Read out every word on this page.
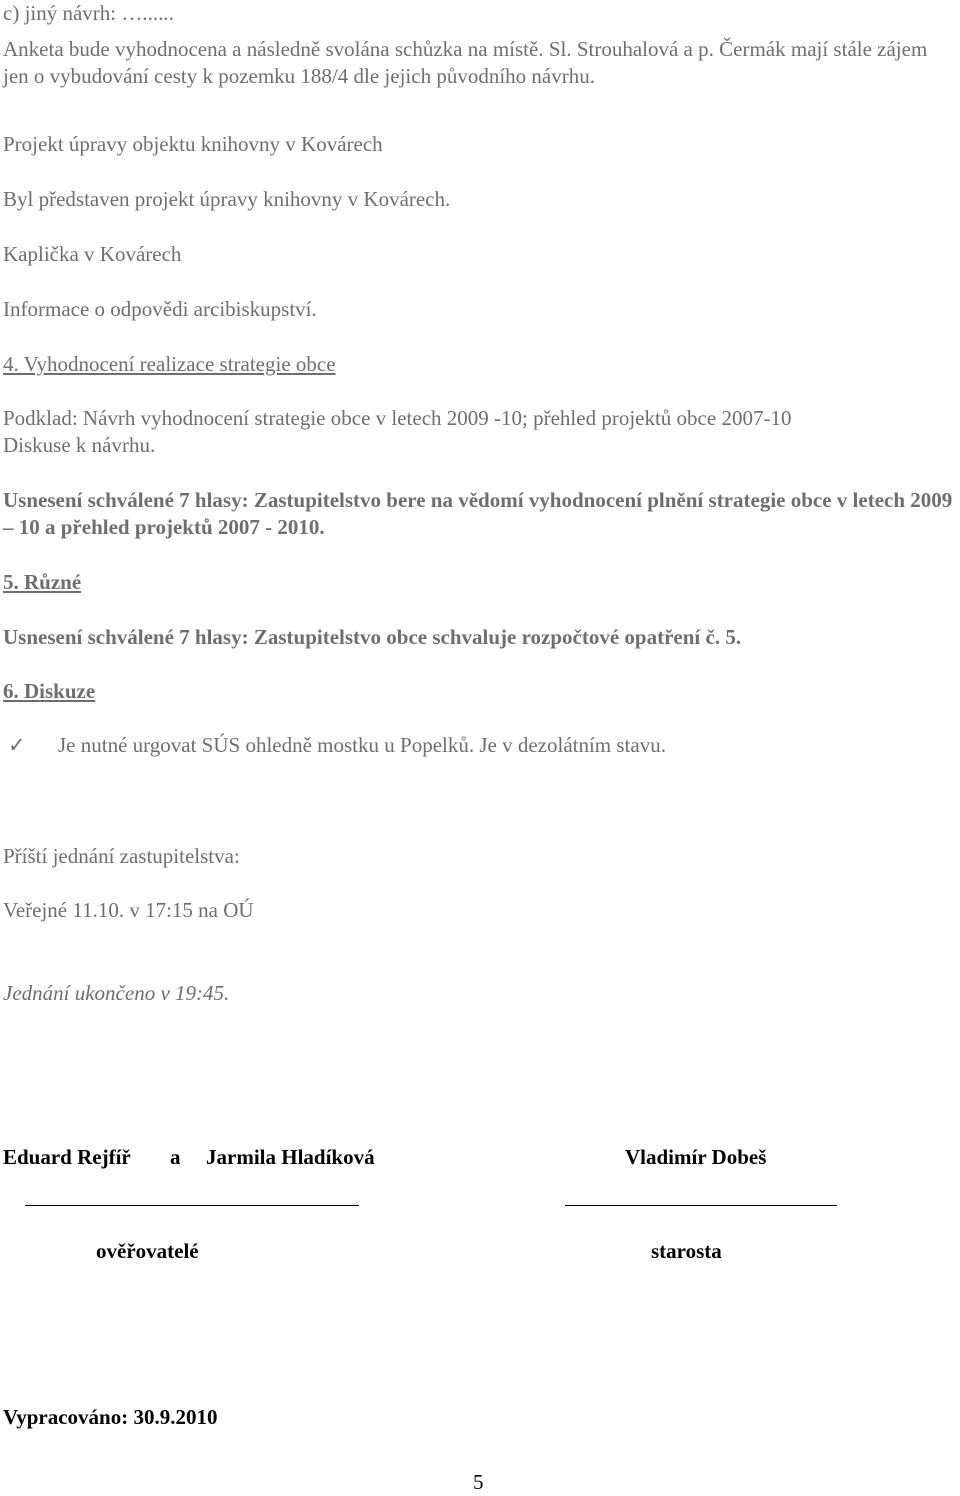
c) jiný návrh: …......

Anketa bude vyhodnocena a následně svolána schůzka na místě. Sl. Strouhalová a p. Čermák mají stále zájem jen o vybudování cesty k pozemku 188/4 dle jejich původního návrhu.

Projekt úpravy objektu knihovny v Kovárech

Byl představen projekt úpravy knihovny v Kovárech.

Kaplička v Kovárech

Informace o odpovědi arcibiskupství.

4. Vyhodnocení realizace strategie obce

Podklad: Návrh vyhodnocení strategie obce v letech 2009 -10; přehled projektů obce 2007-10

Diskuse k návrhu.

Usnesení schválené 7 hlasy: Zastupitelstvo bere na vědomí vyhodnocení plnění strategie obce v letech 2009 – 10 a přehled projektů 2007 - 2010.

5. Různé

Usnesení schválené 7 hlasy: Zastupitelstvo obce schvaluje rozpočtové opatření č. 5.

6. Diskuze

✓ Je nutné urgovat SÚS ohledně mostku u Popelků. Je v dezolátním stavu.

Příští jednání zastupitelstva:

Veřejné 11.10. v 17:15 na OÚ

Jednání ukončeno v 19:45.

Eduard Rejfíř a Jarmila Hladíková	Vladimír Dobeš
ověřovatelé	starosta

Vypracováno: 30.9.2010

5
